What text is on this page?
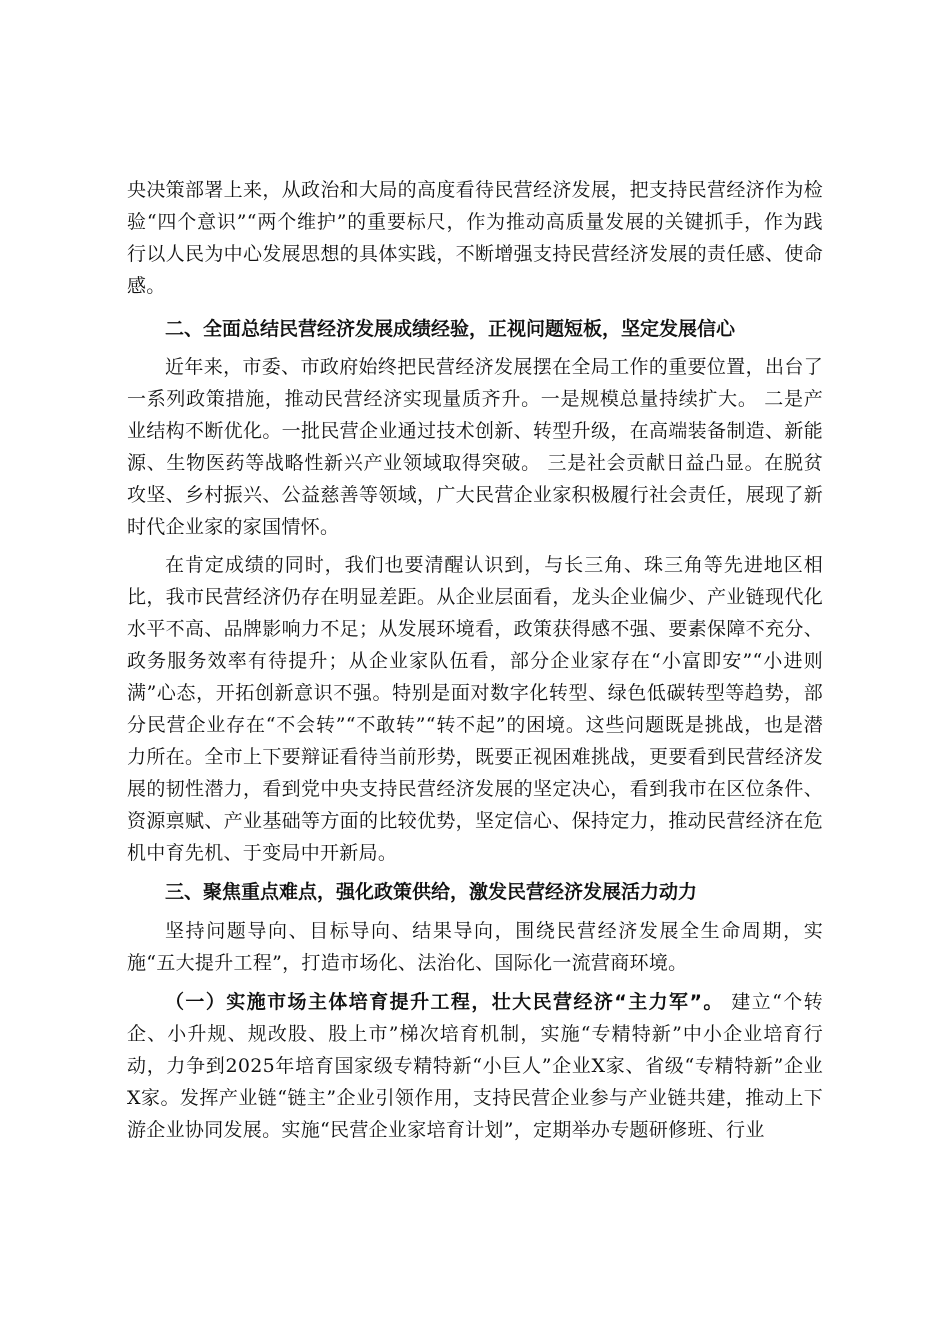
央决策部署上来，从政治和大局的高度看待民营经济发展，把支持民营经济作为检验“四个意识”“两个维护”的重要标尺，作为推动高质量发展的关键抓手，作为践行以人民为中心发展思想的具体实践，不断增强支持民营经济发展的责任感、使命感。

二、全面总结民营经济发展成绩经验，正视问题短板，坚定发展信心

近年来，市委、市政府始终把民营经济发展摆在全局工作的重要位置，出台了一系列政策措施，推动民营经济实现量质齐升。一是规模总量持续扩大。 二是产业结构不断优化。一批民营企业通过技术创新、转型升级，在高端装备制造、新能源、生物医药等战略性新兴产业领域取得突破。 三是社会贡献日益凸显。在脱贫攻坚、乡村振兴、公益慈善等领域，广大民营企业家积极履行社会责任，展现了新时代企业家的家国情怀。

在肯定成绩的同时，我们也要清醒认识到，与长三角、珠三角等先进地区相比，我市民营经济仍存在明显差距。从企业层面看，龙头企业偏少、产业链现代化水平不高、品牌影响力不足；从发展环境看，政策获得感不强、要素保障不充分、政务服务效率有待提升；从企业家队伍看，部分企业家存在“小富即安”“小进则满”心态，开拓创新意识不强。特别是面对数字化转型、绿色低碳转型等趋势，部分民营企业存在“不会转”“不敢转”“转不起”的困境。这些问题既是挑战，也是潜力所在。全市上下要辩证看待当前形势，既要正视困难挑战，更要看到民营经济发展的韧性潜力，看到党中央支持民营经济发展的坚定决心，看到我市在区位条件、资源禀赋、产业基础等方面的比较优势，坚定信心、保持定力，推动民营经济在危机中育先机、于变局中开新局。

三、聚焦重点难点，强化政策供给，激发民营经济发展活力动力

坚持问题导向、目标导向、结果导向，围绕民营经济发展全生命周期，实施“五大提升工程”，打造市场化、法治化、国际化一流营商环境。

（一）实施市场主体培育提升工程，壮大民营经济“主力军”。 建立“个转企、小升规、规改股、股上市”梯次培育机制，实施“专精特新”中小企业培育行动，力争到2025年培育国家级专精特新“小巨人”企业X家、省级“专精特新”企业X家。发挥产业链“链主”企业引领作用，支持民营企业参与产业链共建，推动上下游企业协同发展。实施“民营企业家培育计划”，定期举办专题研修班、行业
